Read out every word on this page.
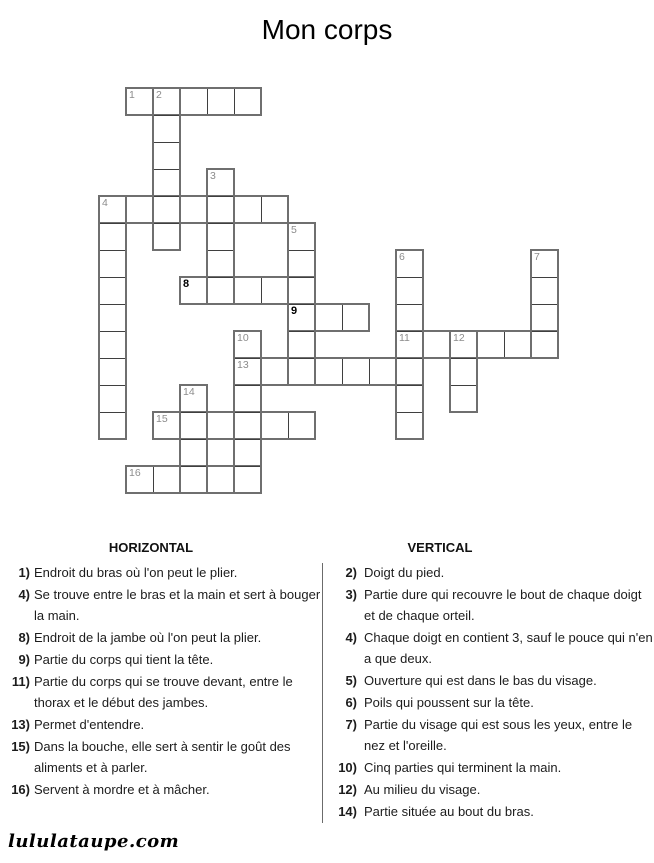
Mon corps
1 2
3
4
5
6	7
8
9
10	11	12
13
14
15
16
HORIZONTAL	VERTICAL
1) Endroit du bras où l'on peut le plier.
4) Se trouve entre le bras et la main et sert à bouger
la main.
8) Endroit de la jambe où l'on peut la plier.
9) Partie du corps qui tient la tête.
11) Partie du corps qui se trouve devant, entre le
thorax et le début des jambes.
13) Permet d'entendre.
15) Dans la bouche, elle sert à sentir le goût des
aliments et à parler.
16) Servent à mordre et à mâcher.
2) Doigt du pied.
3) Partie dure qui recouvre le bout de chaque doigt
et de chaque orteil.
4) Chaque doigt en contient 3, sauf le pouce qui n'en
a que deux.
5) Ouverture qui est dans le bas du visage.
6) Poils qui poussent sur la tête.
7) Partie du visage qui est sous les yeux, entre le
nez et l'oreille.
10) Cinq parties qui terminent la main.
12) Au milieu du visage.
14) Partie située au bout du bras.
lululataupe.com
